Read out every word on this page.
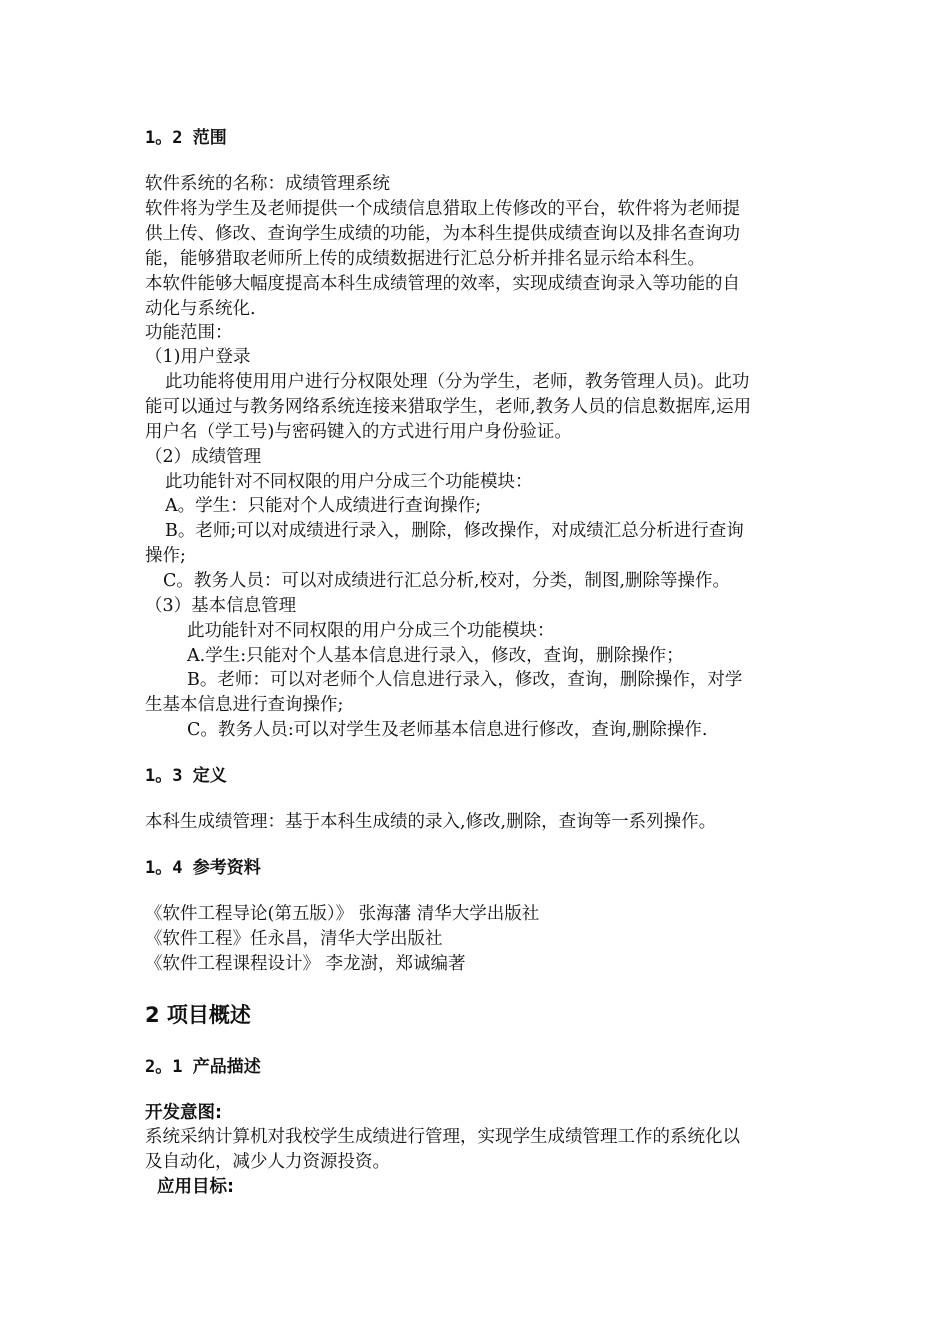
1。2 范围
软件系统的名称：成绩管理系统
软件将为学生及老师提供一个成绩信息猎取上传修改的平台，软件将为老师提
供上传、修改、查询学生成绩的功能，为本科生提供成绩查询以及排名查询功
能，能够猎取老师所上传的成绩数据进行汇总分析并排名显示给本科生。
本软件能够大幅度提高本科生成绩管理的效率，实现成绩查询录入等功能的自
动化与系统化.
功能范围：
（1)用户登录
此功能将使用用户进行分权限处理（分为学生，老师，教务管理人员)。此功
能可以通过与教务网络系统连接来猎取学生，老师,教务人员的信息数据库,运用
用户名（学工号)与密码键入的方式进行用户身份验证。
（2）成绩管理
此功能针对不同权限的用户分成三个功能模块：
A。学生：只能对个人成绩进行查询操作;
B。老师;可以对成绩进行录入，删除，修改操作，对成绩汇总分析进行查询
操作;
C。教务人员：可以对成绩进行汇总分析,校对，分类，制图,删除等操作。
（3）基本信息管理
此功能针对不同权限的用户分成三个功能模块：
A.学生:只能对个人基本信息进行录入，修改，查询，删除操作；
B。老师：可以对老师个人信息进行录入，修改，查询，删除操作，对学
生基本信息进行查询操作;
C。教务人员:可以对学生及老师基本信息进行修改，查询,删除操作.
1。3 定义
本科生成绩管理：基于本科生成绩的录入,修改,删除，查询等一系列操作。
1。4 参考资料
《软件工程导论(第五版）》 张海藩 清华大学出版社
《软件工程》任永昌，清华大学出版社
《软件工程课程设计》 李龙澍，郑诚编著
2 项目概述
2。1 产品描述
开发意图:
系统采纳计算机对我校学生成绩进行管理，实现学生成绩管理工作的系统化以
及自动化，减少人力资源投资。
应用目标:
